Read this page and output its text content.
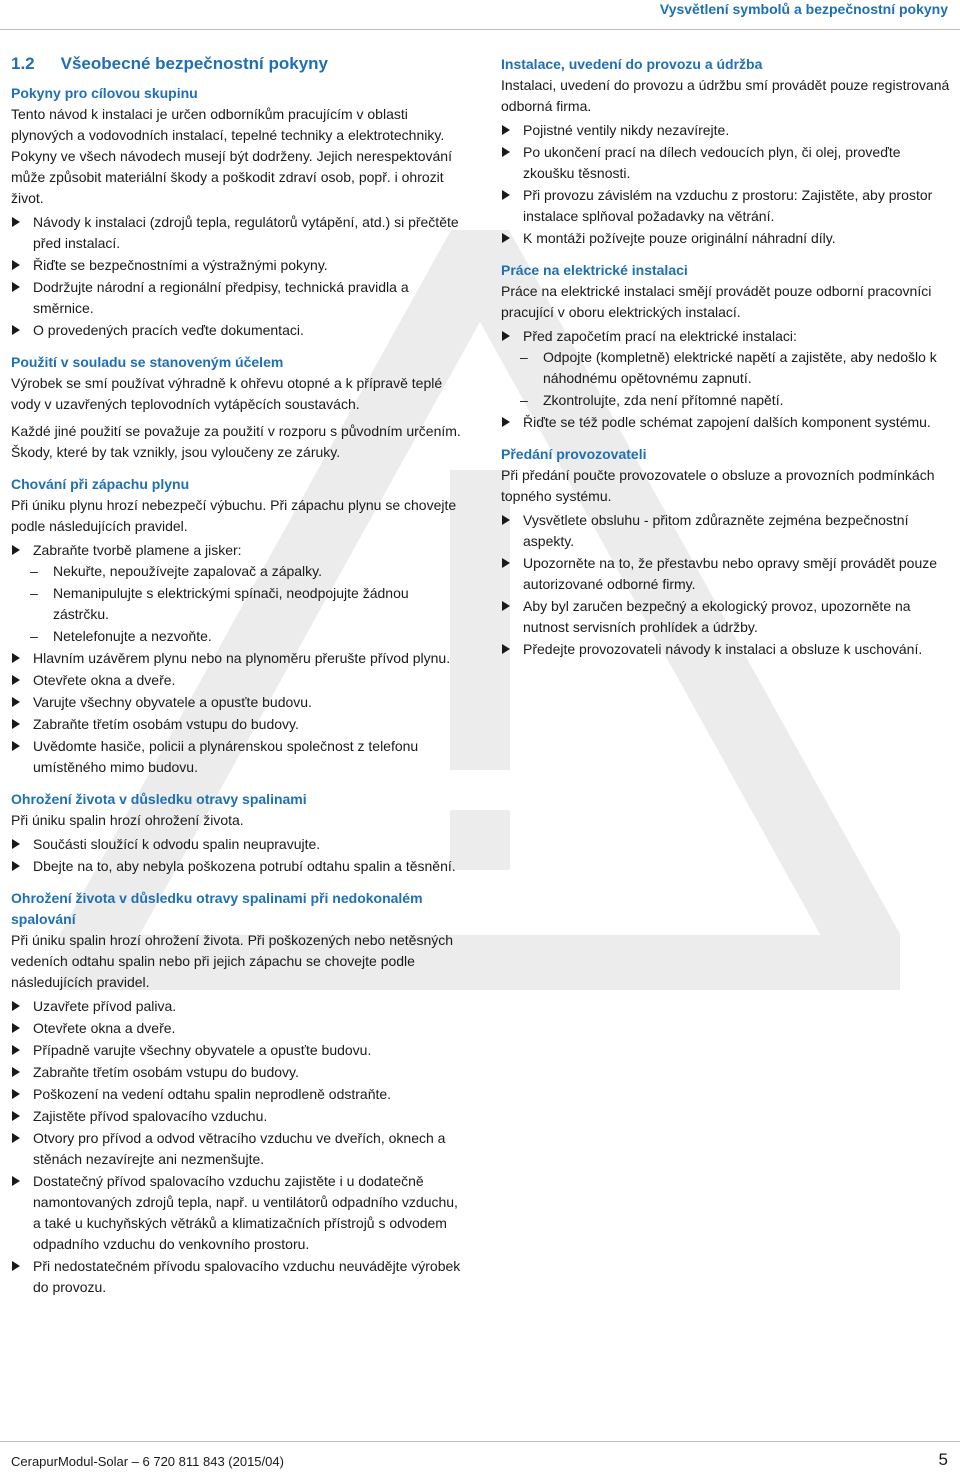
Vysvětlení symbolů a bezpečnostní pokyny
1.2 Všeobecné bezpečnostní pokyny
Pokyny pro cílovou skupinu

Tento návod k instalaci je určen odborníkům pracujícím v oblasti plynových a vodovodních instalací, tepelné techniky a elektrotechniky. Pokyny ve všech návodech musejí být dodrženy. Jejich nerespektování může způsobit materiální škody a poškodit zdraví osob, popř. i ohrozit život.

Návody k instalaci (zdrojů tepla, regulátorů vytápění, atd.) si přečtěte před instalací.
Řiďte se bezpečnostními a výstražnými pokyny.
Dodržujte národní a regionální předpisy, technická pravidla a směrnice.
O provedených pracích veďte dokumentaci.
Použití v souladu se stanoveným účelem

Výrobek se smí používat výhradně k ohřevu otopné a k přípravě teplé vody v uzavřených teplovodních vytápěcích soustavách.

Každé jiné použití se považuje za použití v rozporu s původním určením. Škody, které by tak vznikly, jsou vyloučeny ze záruky.

Chování při zápachu plynu

Při úniku plynu hrozí nebezpečí výbuchu. Při zápachu plynu se chovejte podle následujících pravidel.

Zabraňte tvorbě plamene a jisker:
– Nekuřte, nepoužívejte zapalovač a zápalky.
– Nemanipulujte s elektrickými spínači, neodpojujte žádnou zástrčku.
– Netelefonujte a nezvoňte.
Hlavním uzávěrem plynu nebo na plynoměru přerušte přívod plynu.
Otevřete okna a dveře.
Varujte všechny obyvatele a opusťte budovu.
Zabraňte třetím osobám vstupu do budovy.
Uvědomte hasiče, policii a plynárenskou společnost z telefonu umístěného mimo budovu.
Ohrožení života v důsledku otravy spalinami

Při úniku spalin hrozí ohrožení života.

Součásti sloužící k odvodu spalin neupravujte.
Dbejte na to, aby nebyla poškozena potrubí odtahu spalin a těsnění.
Ohrožení života v důsledku otravy spalinami při nedokonalém spalování

Při úniku spalin hrozí ohrožení života. Při poškozených nebo netěsných vedeních odtahu spalin nebo při jejich zápachu se chovejte podle následujících pravidel.

Uzavřete přívod paliva.
Otevřete okna a dveře.
Případně varujte všechny obyvatele a opusťte budovu.
Zabraňte třetím osobám vstupu do budovy.
Poškození na vedení odtahu spalin neprodleně odstraňte.
Zajistěte přívod spalovacího vzduchu.
Otvory pro přívod a odvod větracího vzduchu ve dveřích, oknech a stěnách nezavírejte ani nezmenšujte.
Dostatečný přívod spalovacího vzduchu zajistěte i u dodatečně namontovaných zdrojů tepla, např. u ventilátorů odpadního vzduchu, a také u kuchyňských větráků a klimatizačních přístrojů s odvodem odpadního vzduchu do venkovního prostoru.
Při nedostatečném přívodu spalovacího vzduchu neuvádějte výrobek do provozu.
Instalace, uvedení do provozu a údržba

Instalaci, uvedení do provozu a údržbu smí provádět pouze registrovaná odborná firma.

Pojistné ventily nikdy nezavírejte.
Po ukončení prací na dílech vedoucích plyn, či olej, proveďte zkoušku těsnosti.
Při provozu závislém na vzduchu z prostoru: Zajistěte, aby prostor instalace splňoval požadavky na větrání.
K montáži požívejte pouze originální náhradní díly.
Práce na elektrické instalaci

Práce na elektrické instalaci smějí provádět pouze odborní pracovníci pracující v oboru elektrických instalací.

Před započetím prací na elektrické instalaci:
– Odpojte (kompletně) elektrické napětí a zajistěte, aby nedošlo k náhodnému opětovnému zapnutí.
– Zkontrolujte, zda není přítomné napětí.
Řiďte se též podle schémat zapojení dalších komponent systému.
Předání provozovateli

Při předání poučte provozovatele o obsluze a provozních podmínkách topného systému.

Vysvětlete obsluhu - přitom zdůrazněte zejména bezpečnostní aspekty.
Upozorněte na to, že přestavbu nebo opravy smějí provádět pouze autorizované odborné firmy.
Aby byl zaručen bezpečný a ekologický provoz, upozorněte na nutnost servisních prohlídek a údržby.
Předejte provozovateli návody k instalaci a obsluze k uschování.
CerapurModul-Solar – 6 720 811 843 (2015/04)	5
